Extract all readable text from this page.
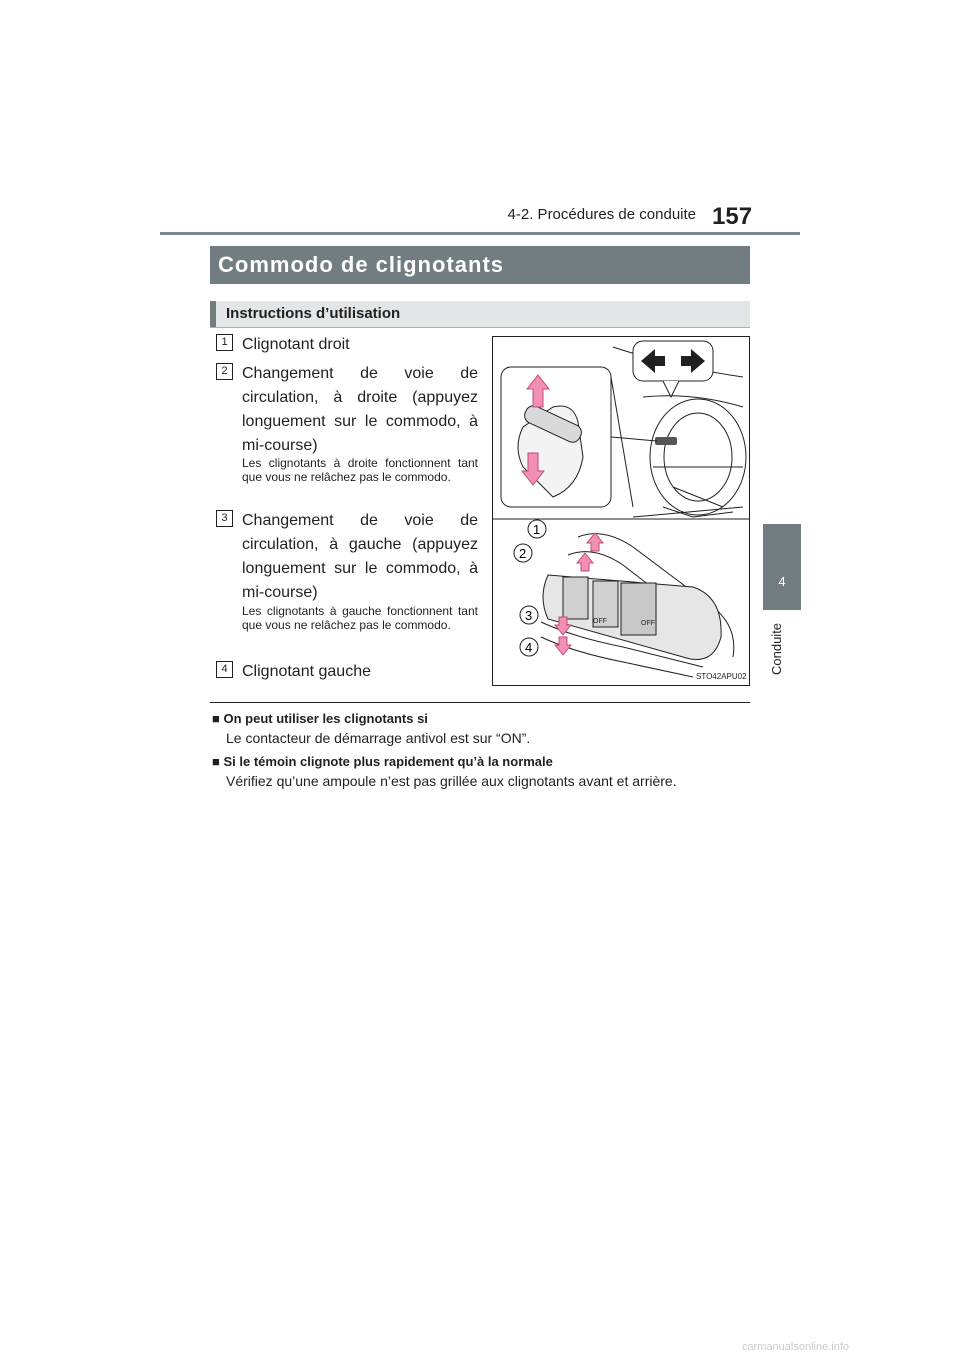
4-2. Procédures de conduite 157
4
Conduite
Commodo de clignotants
Instructions d’utilisation
1 Clignotant droit
2 Changement de voie de circulation, à droite (appuyez longuement sur le commodo, à mi-course)
Les clignotants à droite fonctionnent tant que vous ne relâchez pas le commodo.
3 Changement de voie de circulation, à gauche (appuyez longuement sur le commodo, à mi-course)
Les clignotants à gauche fonctionnent tant que vous ne relâchez pas le commodo.
4 Clignotant gauche
OFF	OFF
1
2
3
4
STO42APU02
■ On peut utiliser les clignotants si
Le contacteur de démarrage antivol est sur “ON”.
■ Si le témoin clignote plus rapidement qu’à la normale
Vérifiez qu’une ampoule n’est pas grillée aux clignotants avant et arrière.
carmanualsonline.info
